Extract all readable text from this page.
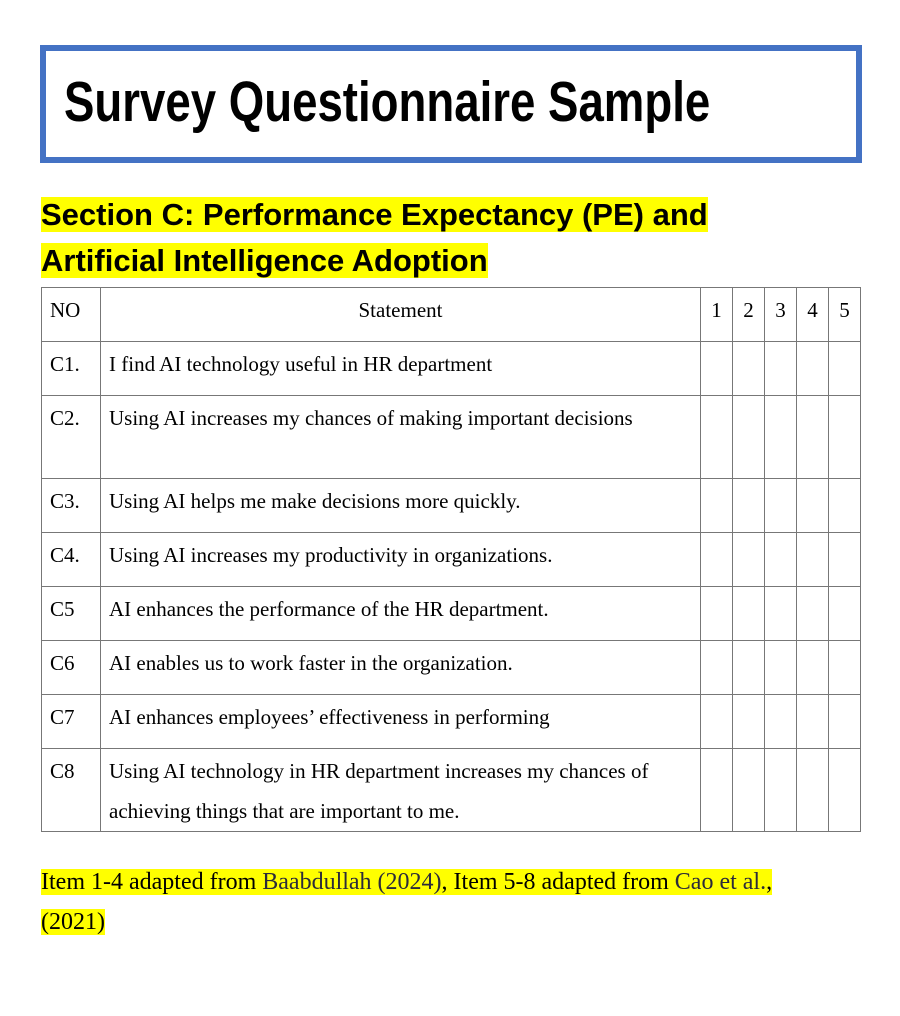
Survey Questionnaire Sample
Section C: Performance Expectancy (PE) and
Artificial Intelligence Adoption
NO	Statement	1	2	3	4	5
C1.	I find AI technology useful in HR department					
C2.	Using AI increases my chances of making important decisions					
C3.	Using AI helps me make decisions more quickly.					
C4.	Using AI increases my productivity in organizations.					
C5	AI enhances the performance of the HR department.					
C6	AI enables us to work faster in the organization.					
C7	AI enhances employees’ effectiveness in performing					
C8	Using AI technology in HR department increases my chances of achieving things that are important to me.					
Item 1-4 adapted from Baabdullah (2024), Item 5-8 adapted from Cao et al.,
(2021)
